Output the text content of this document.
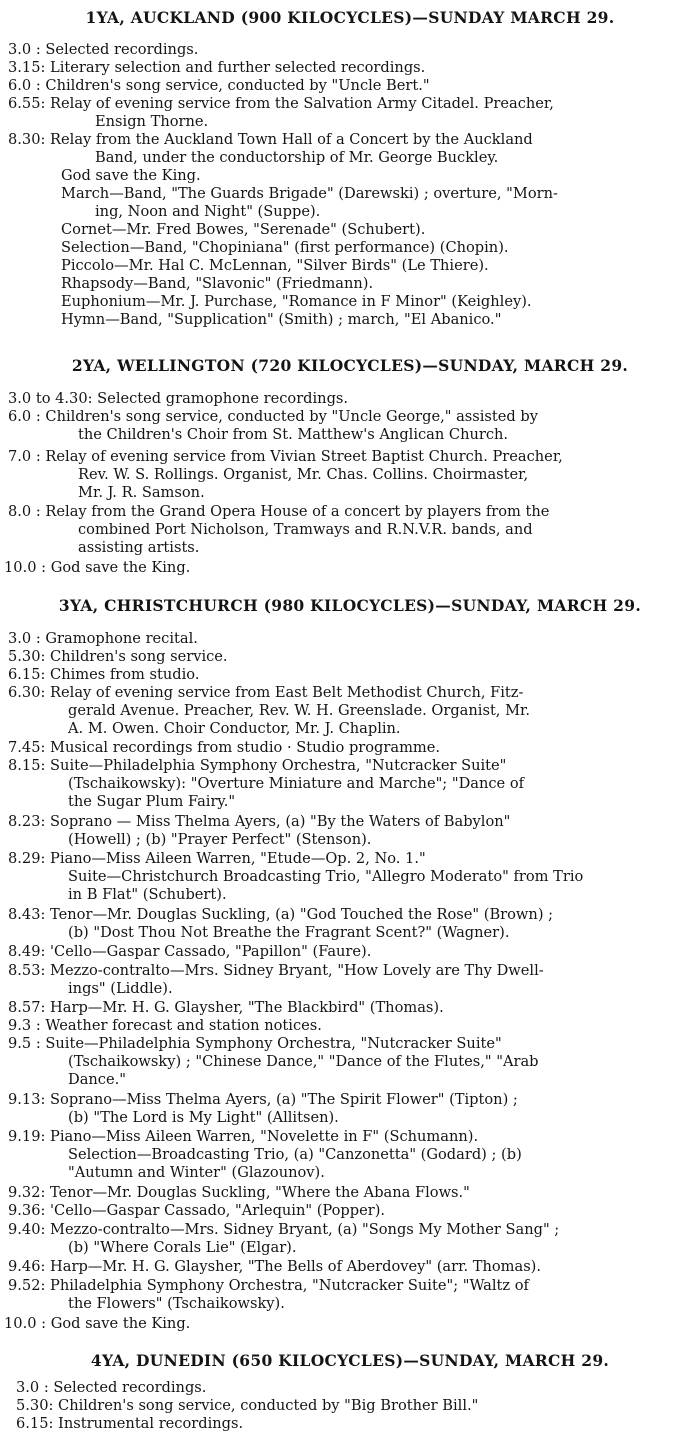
1YA, AUCKLAND (900 KILOCYCLES)—SUNDAY MARCH 29.
3.0 : Selected recordings.
3.15: Literary selection and further selected recordings.
6.0 : Children's song service, conducted by "Uncle Bert."
6.55: Relay of evening service from the Salvation Army Citadel. Preacher,
Ensign Thorne.
8.30: Relay from the Auckland Town Hall of a Concert by the Auckland
Band, under the conductorship of Mr. George Buckley.
God save the King.
March—Band, "The Guards Brigade" (Darewski) ; overture, "Morn-
ing, Noon and Night" (Suppe).
Cornet—Mr. Fred Bowes, "Serenade" (Schubert).
Selection—Band, "Chopiniana" (first performance) (Chopin).
Piccolo—Mr. Hal C. McLennan, "Silver Birds" (Le Thiere).
Rhapsody—Band, "Slavonic" (Friedmann).
Euphonium—Mr. J. Purchase, "Romance in F Minor" (Keighley).
Hymn—Band, "Supplication" (Smith) ; march, "El Abanico."
2YA, WELLINGTON (720 KILOCYCLES)—SUNDAY, MARCH 29.
3.0 to 4.30: Selected gramophone recordings.
6.0 : Children's song service, conducted by "Uncle George," assisted by
the Children's Choir from St. Matthew's Anglican Church.
7.0 : Relay of evening service from Vivian Street Baptist Church. Preacher,
Rev. W. S. Rollings. Organist, Mr. Chas. Collins. Choirmaster,
Mr. J. R. Samson.
8.0 : Relay from the Grand Opera House of a concert by players from the
combined Port Nicholson, Tramways and R.N.V.R. bands, and
assisting artists.
10.0 : God save the King.
3YA, CHRISTCHURCH (980 KILOCYCLES)—SUNDAY, MARCH 29.
3.0 : Gramophone recital.
5.30: Children's song service.
6.15: Chimes from studio.
6.30: Relay of evening service from East Belt Methodist Church, Fitz-
gerald Avenue. Preacher, Rev. W. H. Greenslade. Organist, Mr.
A. M. Owen. Choir Conductor, Mr. J. Chaplin.
7.45: Musical recordings from studio · Studio programme.
8.15: Suite—Philadelphia Symphony Orchestra, "Nutcracker Suite"
(Tschaikowsky): "Overture Miniature and Marche"; "Dance of
the Sugar Plum Fairy."
8.23: Soprano — Miss Thelma Ayers, (a) "By the Waters of Babylon"
(Howell) ; (b) "Prayer Perfect" (Stenson).
8.29: Piano—Miss Aileen Warren, "Etude—Op. 2, No. 1."
Suite—Christchurch Broadcasting Trio, "Allegro Moderato" from Trio
in B Flat" (Schubert).
8.43: Tenor—Mr. Douglas Suckling, (a) "God Touched the Rose" (Brown) ;
(b) "Dost Thou Not Breathe the Fragrant Scent?" (Wagner).
8.49: 'Cello—Gaspar Cassado, "Papillon" (Faure).
8.53: Mezzo-contralto—Mrs. Sidney Bryant, "How Lovely are Thy Dwell-
ings" (Liddle).
8.57: Harp—Mr. H. G. Glaysher, "The Blackbird" (Thomas).
9.3 : Weather forecast and station notices.
9.5 : Suite—Philadelphia Symphony Orchestra, "Nutcracker Suite"
(Tschaikowsky) ; "Chinese Dance," "Dance of the Flutes," "Arab
Dance."
9.13: Soprano—Miss Thelma Ayers, (a) "The Spirit Flower" (Tipton) ;
(b) "The Lord is My Light" (Allitsen).
9.19: Piano—Miss Aileen Warren, "Novelette in F" (Schumann).
Selection—Broadcasting Trio, (a) "Canzonetta" (Godard) ; (b)
"Autumn and Winter" (Glazounov).
9.32: Tenor—Mr. Douglas Suckling, "Where the Abana Flows."
9.36: 'Cello—Gaspar Cassado, "Arlequin" (Popper).
9.40: Mezzo-contralto—Mrs. Sidney Bryant, (a) "Songs My Mother Sang" ;
(b) "Where Corals Lie" (Elgar).
9.46: Harp—Mr. H. G. Glaysher, "The Bells of Aberdovey" (arr. Thomas).
9.52: Philadelphia Symphony Orchestra, "Nutcracker Suite"; "Waltz of
the Flowers" (Tschaikowsky).
10.0 : God save the King.
4YA, DUNEDIN (650 KILOCYCLES)—SUNDAY, MARCH 29.
3.0 : Selected recordings.
5.30: Children's song service, conducted by "Big Brother Bill."
6.15: Instrumental recordings.
